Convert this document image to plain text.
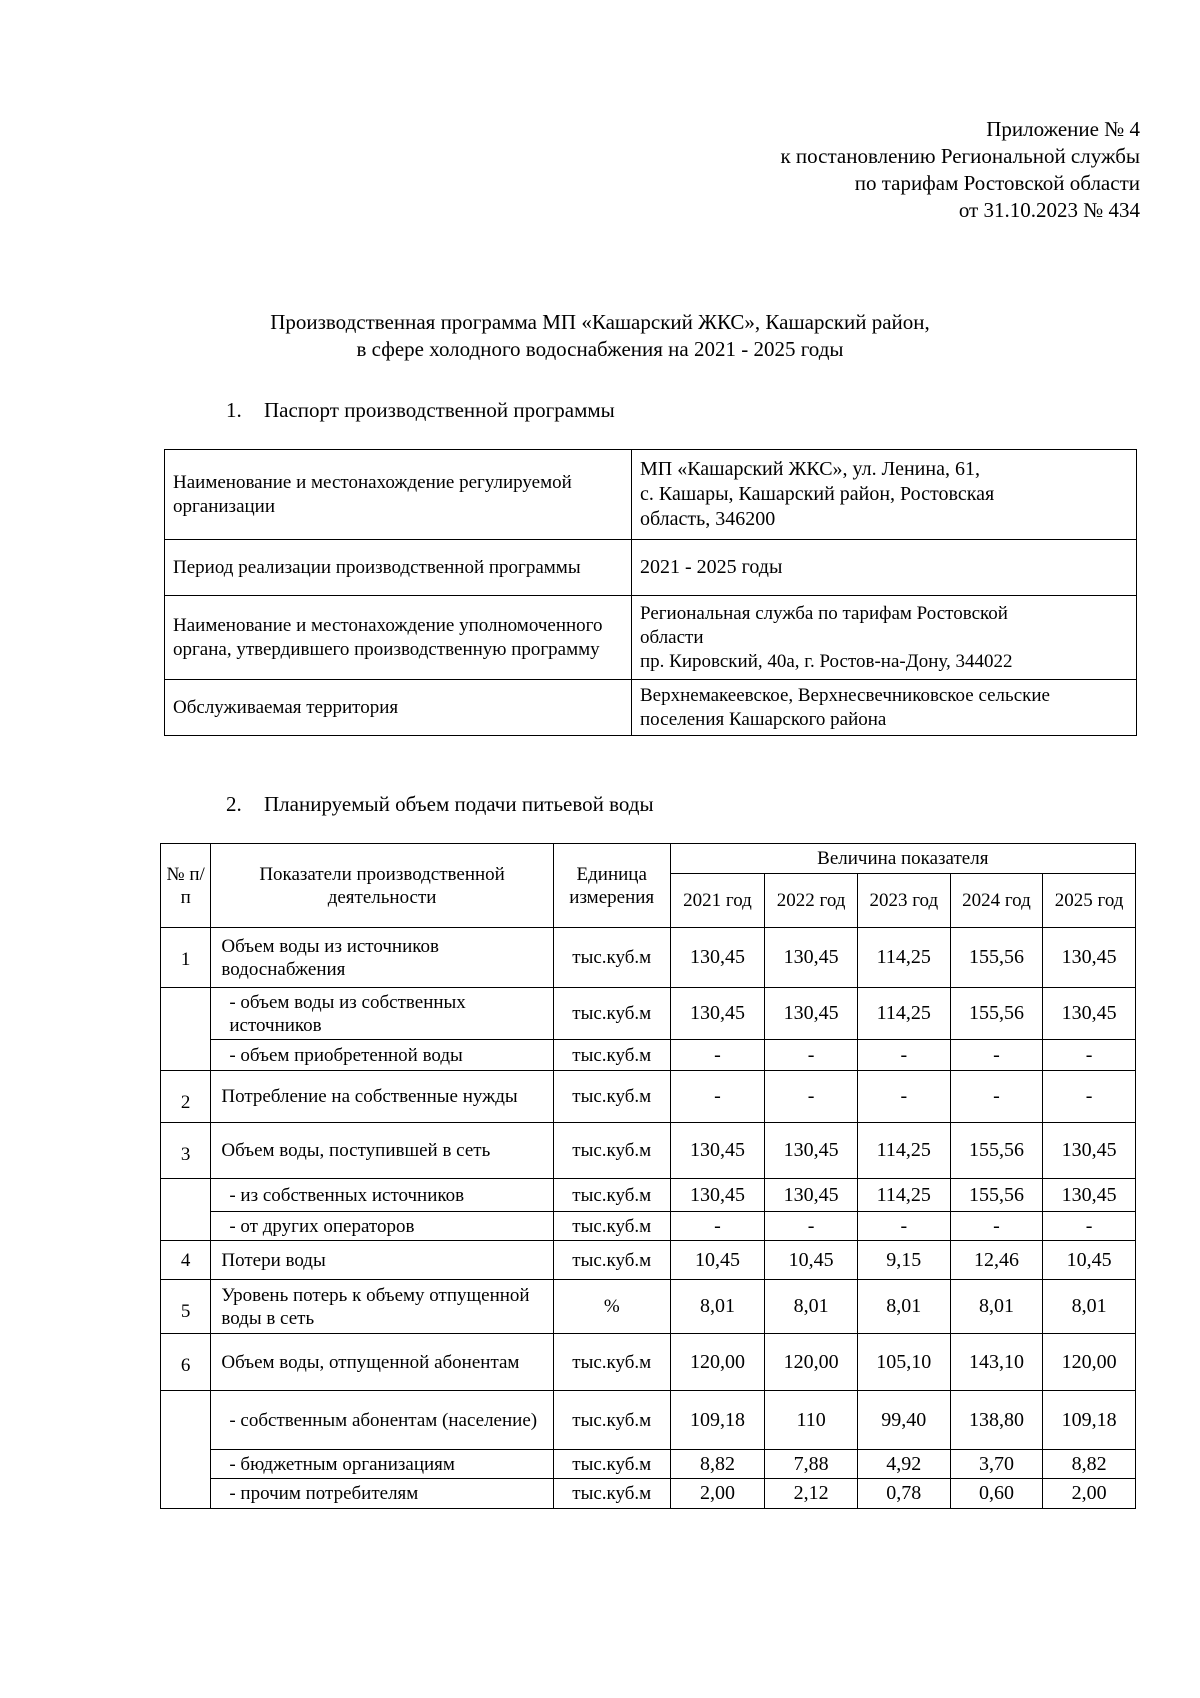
Приложение № 4
к постановлению Региональной службы
по тарифам Ростовской области
от 31.10.2023 № 434
Производственная программа МП «Кашарский ЖКС», Кашарский район,
в сфере холодного водоснабжения на 2021 - 2025 годы
1. Паспорт производственной программы
Наименование и местонахождение регулируемой организации	МП «Кашарский ЖКС», ул. Ленина, 61,
с. Кашары, Кашарский район, Ростовская
область, 346200

Период реализации производственной программы	2021 - 2025 годы

Наименование и местонахождение уполномоченного органа, утвердившего производственную программу	Региональная служба по тарифам Ростовской
области
пр. Кировский, 40а, г. Ростов-на-Дону, 344022

Обслуживаемая территория	Верхнемакеевское, Верхнесвечниковское сельские
поселения Кашарского района
2. Планируемый объем подачи питьевой воды
№ п/ п	Показатели производственной деятельности	Единица измерения	Величина показателя				
			2021 год	2022 год	2023 год	2024 год	2025 год
1	Объем воды из источников водоснабжения	тыс.куб.м	130,45	130,45	114,25	155,56	130,45
	- объем воды из собственных источников	тыс.куб.м	130,45	130,45	114,25	155,56	130,45
	- объем приобретенной воды	тыс.куб.м	-	-	-	-	-
2	Потребление на собственные нужды	тыс.куб.м	-	-	-	-	-
3	Объем воды, поступившей в сеть	тыс.куб.м	130,45	130,45	114,25	155,56	130,45
	- из собственных источников	тыс.куб.м	130,45	130,45	114,25	155,56	130,45
	- от других операторов	тыс.куб.м	-	-	-	-	-
4	Потери воды	тыс.куб.м	10,45	10,45	9,15	12,46	10,45
5	Уровень потерь к объему отпущенной воды в сеть	%	8,01	8,01	8,01	8,01	8,01
6	Объем воды, отпущенной абонентам	тыс.куб.м	120,00	120,00	105,10	143,10	120,00
	- собственным абонентам (население)	тыс.куб.м	109,18	110	99,40	138,80	109,18
	- бюджетным организациям	тыс.куб.м	8,82	7,88	4,92	3,70	8,82
	- прочим потребителям	тыс.куб.м	2,00	2,12	0,78	0,60	2,00
